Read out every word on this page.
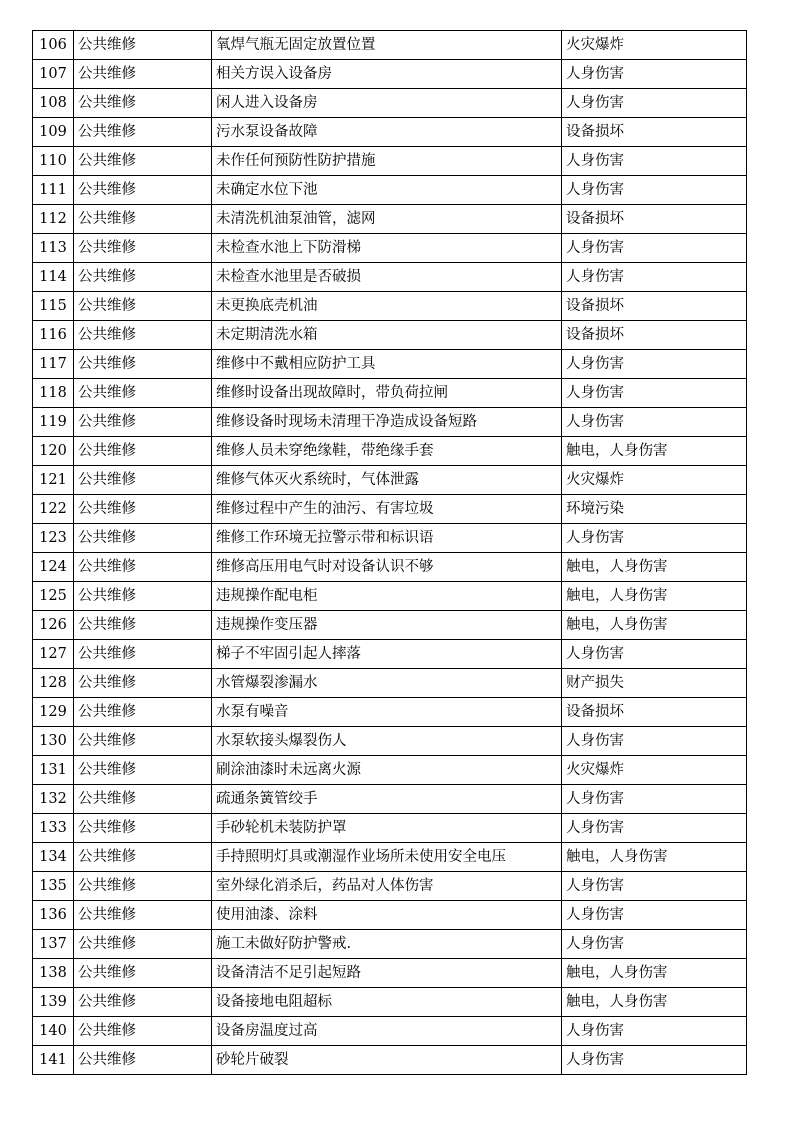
106	公共维修	氧焊气瓶无固定放置位置	火灾爆炸
107	公共维修	相关方误入设备房	人身伤害
108	公共维修	闲人进入设备房	人身伤害
109	公共维修	污水泵设备故障	设备损坏
110	公共维修	未作任何预防性防护措施	人身伤害
111	公共维修	未确定水位下池	人身伤害
112	公共维修	未清洗机油泵油管，滤网	设备损坏
113	公共维修	未检查水池上下防滑梯	人身伤害
114	公共维修	未检查水池里是否破损	人身伤害
115	公共维修	未更换底壳机油	设备损坏
116	公共维修	未定期清洗水箱	设备损坏
117	公共维修	维修中不戴相应防护工具	人身伤害
118	公共维修	维修时设备出现故障时，带负荷拉闸	人身伤害
119	公共维修	维修设备时现场未清理干净造成设备短路	人身伤害
120	公共维修	维修人员未穿绝缘鞋，带绝缘手套	触电，人身伤害
121	公共维修	维修气体灭火系统时，气体泄露	火灾爆炸
122	公共维修	维修过程中产生的油污、有害垃圾	环境污染
123	公共维修	维修工作环境无拉警示带和标识语	人身伤害
124	公共维修	维修高压用电气时对设备认识不够	触电，人身伤害
125	公共维修	违规操作配电柜	触电，人身伤害
126	公共维修	违规操作变压器	触电，人身伤害
127	公共维修	梯子不牢固引起人摔落	人身伤害
128	公共维修	水管爆裂渗漏水	财产损失
129	公共维修	水泵有噪音	设备损坏
130	公共维修	水泵软接头爆裂伤人	人身伤害
131	公共维修	刷涂油漆时未远离火源	火灾爆炸
132	公共维修	疏通条簧管绞手	人身伤害
133	公共维修	手砂轮机未装防护罩	人身伤害
134	公共维修	手持照明灯具或潮湿作业场所未使用安全电压	触电，人身伤害
135	公共维修	室外绿化消杀后，药品对人体伤害	人身伤害
136	公共维修	使用油漆、涂料	人身伤害
137	公共维修	施工未做好防护警戒.	人身伤害
138	公共维修	设备清洁不足引起短路	触电，人身伤害
139	公共维修	设备接地电阻超标	触电，人身伤害
140	公共维修	设备房温度过高	人身伤害
141	公共维修	砂轮片破裂	人身伤害
